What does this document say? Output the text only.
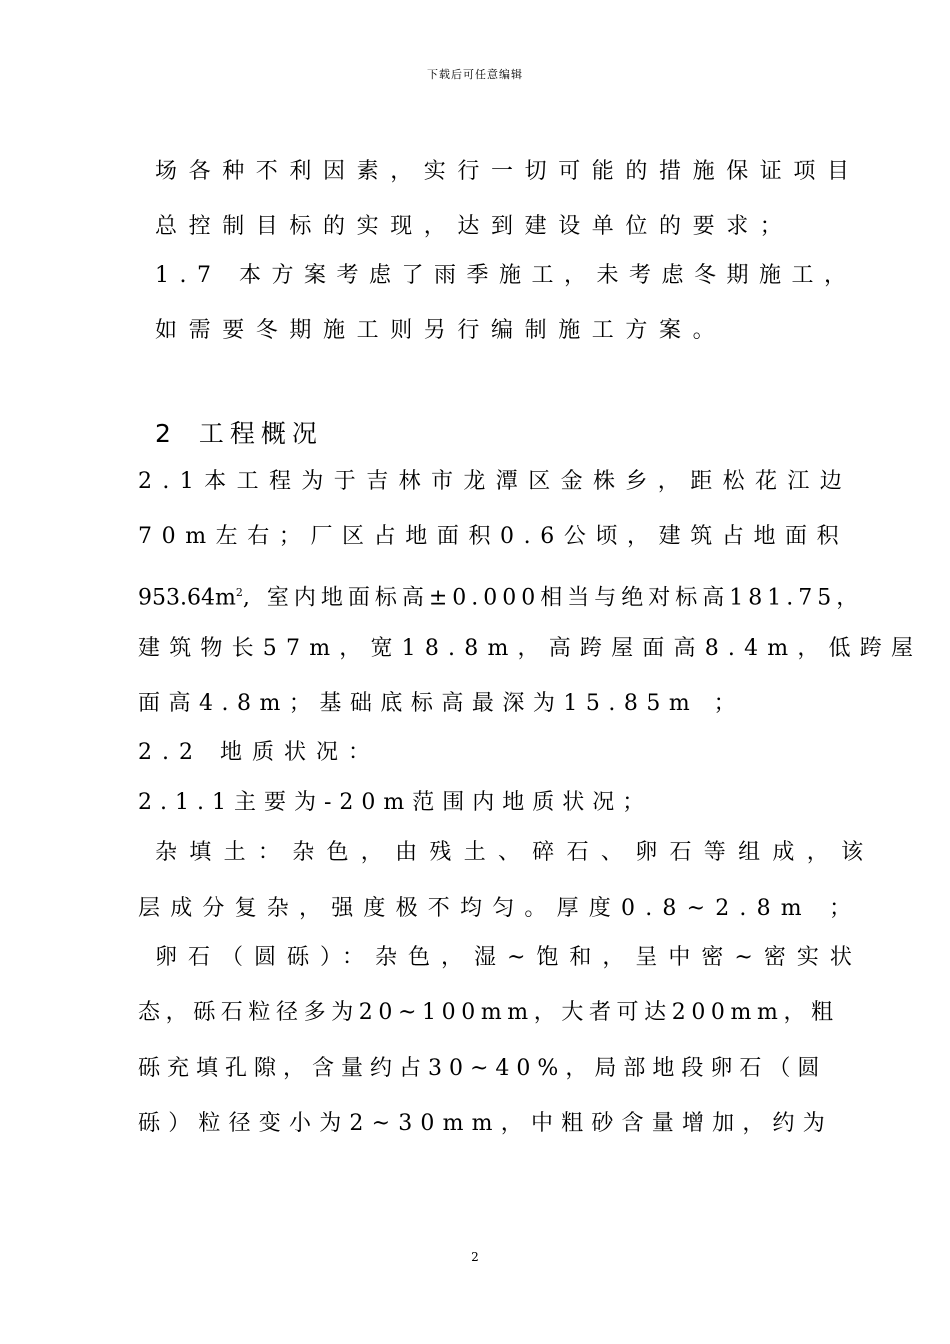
下载后可任意编辑
场各种不利因素，实行一切可能的措施保证项目
总控制目标的实现，达到建设单位的要求；
1.7 本方案考虑了雨季施工，未考虑冬期施工，
如需要冬期施工则另行编制施工方案。
2 工程概况
2.1本工程为于吉林市龙潭区金株乡，距松花江边
70m左右；厂区占地面积0.6公顷，建筑占地面积
$953.64m^2$, 室内地面标高±0.000相当与绝对标高181.75，
建筑物长57m，宽18.8m，高跨屋面高8.4m，低跨屋
面高4.8m；基础底标高最深为15.85m ；
2.2 地质状况：
2.1.1主要为-20m范围内地质状况；
杂填土：杂色，由残土、碎石、卵石等组成，该
层成分复杂，强度极不均匀。厚度0.8~2.8m ；
卵石（圆砾）：杂色，湿~饱和，呈中密~密实状
态，砾石粒径多为20~100mm，大者可达200mm，粗
砾充填孔隙，含量约占30~40%，局部地段卵石（圆
砾）粒径变小为2~30mm，中粗砂含量增加，约为
2
